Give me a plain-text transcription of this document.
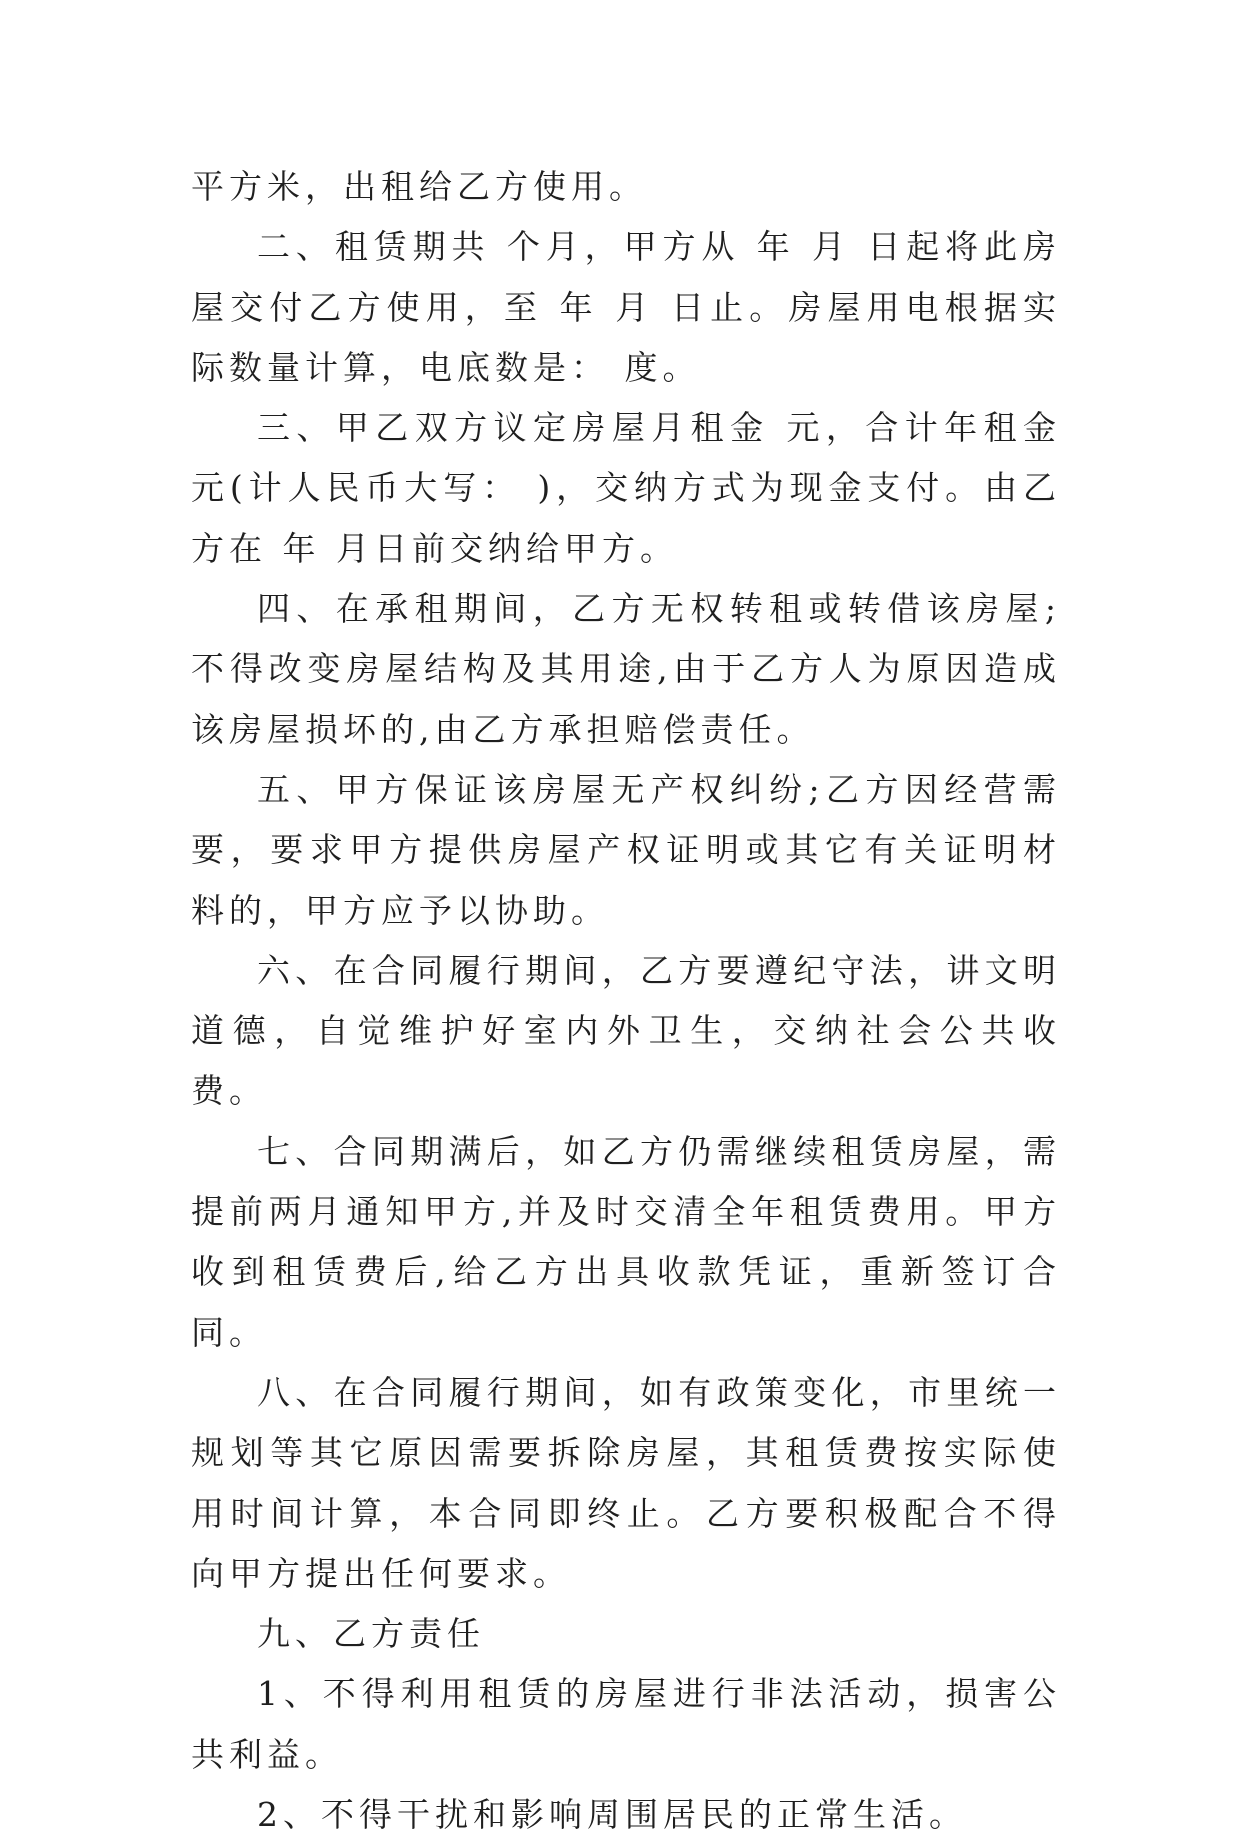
平方米，出租给乙方使用。

二、租赁期共 个月，甲方从 年 月 日起将此房屋交付乙方使用，至 年 月 日止。房屋用电根据实际数量计算，电底数是： 度。

三、甲乙双方议定房屋月租金 元，合计年租金 元(计人民币大写： )，交纳方式为现金支付。由乙方在 年 月日前交纳给甲方。

四、在承租期间，乙方无权转租或转借该房屋;不得改变房屋结构及其用途,由于乙方人为原因造成该房屋损坏的,由乙方承担赔偿责任。

五、甲方保证该房屋无产权纠纷;乙方因经营需要，要求甲方提供房屋产权证明或其它有关证明材料的，甲方应予以协助。

六、在合同履行期间，乙方要遵纪守法，讲文明道德，自觉维护好室内外卫生，交纳社会公共收费。

七、合同期满后，如乙方仍需继续租赁房屋，需提前两月通知甲方,并及时交清全年租赁费用。甲方收到租赁费后,给乙方出具收款凭证，重新签订合同。

八、在合同履行期间，如有政策变化，市里统一规划等其它原因需要拆除房屋，其租赁费按实际使用时间计算，本合同即终止。乙方要积极配合不得向甲方提出任何要求。

九、乙方责任

1、不得利用租赁的房屋进行非法活动，损害公共利益。

2、不得干扰和影响周围居民的正常生活。
